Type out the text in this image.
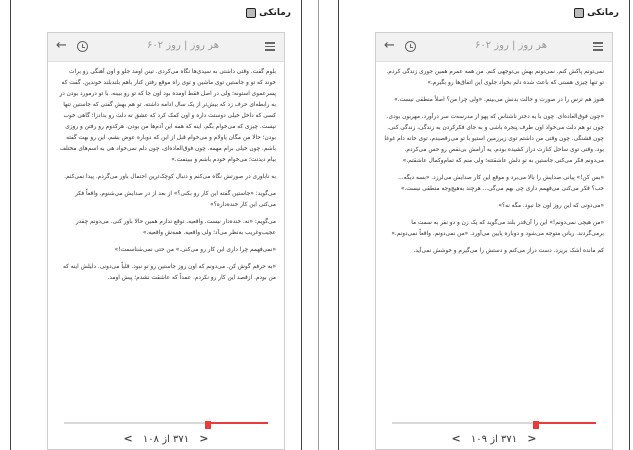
رمانکی
هر روز | روز ۶۰۲
←

بلوم گفت. وقتی داشتی به سیدی‌ها نگاه می‌کردی. تینن اومد جلو و اون آهنگی رو برات خوند که تو و جاستین توی ماشین و توی راه موقع رفتن کنار باهم بلندبلند خوندین. گفت که پسرعموی استونه؛ ولی در اصل فقط اومده بود اون جا که تو رو ببینه. با تو درمورد بودن درِ به رابطه‌ای حرف زد که بیش‌تر از یک سال ادامه داشته. تو هم بهش گفتی که جاستین تنها کسی که داخل خیلی دوستت داره و اون کمک کرد که عشق ته دلت رو بدادزا؛ گاهی خوب نیست. چیزی که می‌خوام بگم، اینه که همه این آدم‌ها من بودن. هرکدوم رو رفتن و روزی بودن؛ حالا من مگان پاولام و می‌خوام قبل از این که دوباره عوض بشم، این رو بهت گفته باشم. چون خیلی برام مهمه. چون فوق‌العاده‌ای، چون دلم نمی‌خواد هی به اسم‌های مختلف بیام دیدنت؛ می‌خوام خودم باشم و ببینمت.»

به ناباوری در صورتش نگاه می‌کنم و دنبال کوچک‌ترین احتمال باور می‌گردم. پیدا نمی‌کنم.

می‌گوید: «جاستین گفته این کار رو بکنی؟» از بعد از در صدایش می‌شنوم. واقعاً فکر می‌کنی این کار خنده‌داره؟»

می‌گویم: «نه. خنده‌دار نیست. واقعیه. توقع ندارم همین حالا باور کنی. می‌دونم چقدر عجیب‌وغریب به‌نظر می‌آد؛ ولی واقعیه. همه‌ش واقعیه.»

«نمی‌فهمم چرا داری این کار رو می‌کنی.» من حتی نمی‌شناسمت!»

«به حرفم گوش کن. می‌دونم که اون روز جاستین رو تو نبود. قلباً می‌دونی. دلیلش اینه که من بودم. ازقصد این کار رو نکردم. عمداً که عاشقت نشدم؛ پیش اومد.

<	۳۷۱ از ۱۰۸	>
رمانکی
هر روز | روز ۶۰۲
←

نمی‌تونم پاکش کنم. نمی‌تونم بهش بی‌توجهی کنم. من همه عمرم همین جوری زندگی کردم. تو تنها چیزی هستی که باعث شده دلم بخواد جلوی این اتفاق‌ها رو بگیرم.»

هنوز هم ترس را در صورت و حالت بدنش می‌بینم. «ولی چرا من؟ اصلاً منطقی نیست.»

«چون فوق‌العاده‌ای. چون با یه دختر ناشناس که پهو از مدرسه‌ت سر درآورد، مهربون بودی. چون تو هم دلت می‌خواد اون طرف پنجره باشی و به جای فکرکردن به زندگی، زندگی کنی. چون قشنگی. چون وقتی من داشتم توی زیرزمین استیو با تو می‌رقصیدم، توی خانه دام غوغا بود. وقتی توی ساحل کنارت دراز کشیده بودم، یه آرامش بی‌نقص رو حس می‌کردم. می‌دونم فکر می‌کنی جاستین به تو دلش عاشقتته؛ ولی منم که تمام‌وکمال عاشقتم.»

«بس کن!» پیانی صدایش را بالا می‌برد و موقع این کار صدایش می‌لرزد. «بسه دیگه... خب؟ فکر می‌کنی می‌فهمم داری چی بهم می‌گی... هرچند به‌هیچ‌وجه منطقی نیست.»

«می‌دونی که این روز اون جا نبود. مگه نه؟»

«من هیچی نمی‌دونم!» این را آن‌قدر بلند می‌گوید که یک زن و دو نفر به سمت ما برمی‌گردند. ریانن متوجه می‌شود و دوباره پایین می‌آورد. «من نمی‌دونم. واقعاً نمی‌دونم.»

کم مانده اشک بریزد. دست دراز می‌کنم و دستش را می‌گیرم و خوشش نمی‌آید.

<	۳۷۱ از ۱۰۹	>
